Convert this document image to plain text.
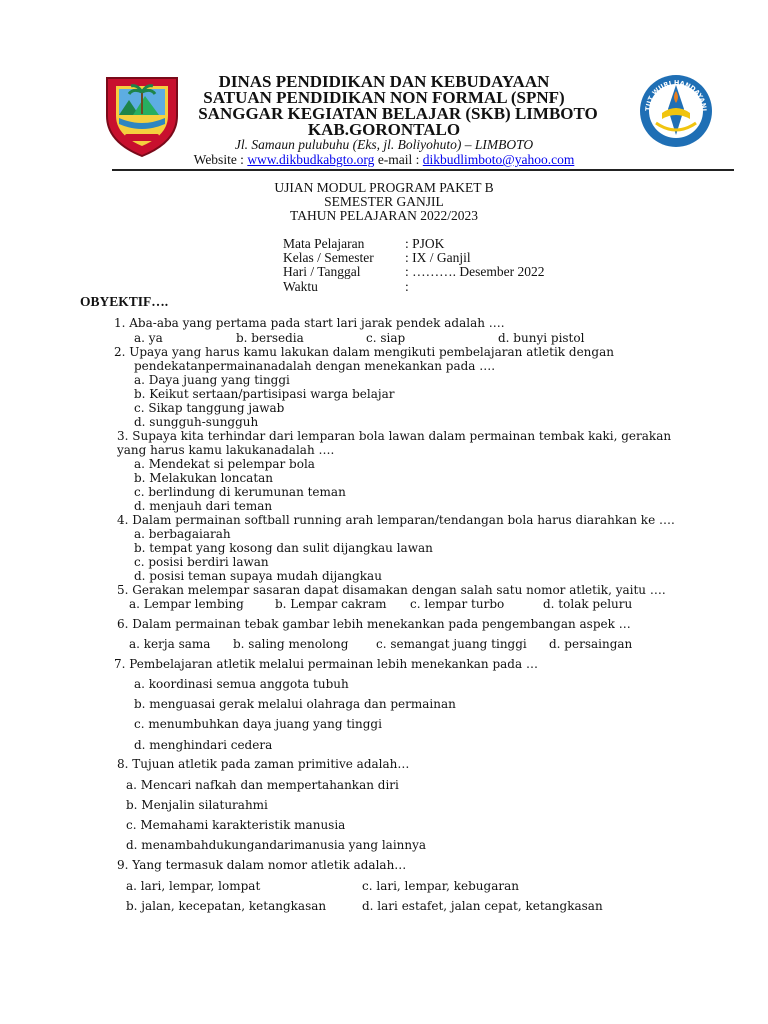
TUT WURI HANDAYANI
DINAS PENDIDIKAN DAN KEBUDAYAAN
SATUAN PENDIDIKAN NON FORMAL (SPNF)
SANGGAR KEGIATAN BELAJAR (SKB) LIMBOTO
KAB.GORONTALO
Jl. Samaun pulubuhu (Eks, jl. Boliyohuto) – LIMBOTO
Website : www.dikbudkabgto.org e-mail : dikbudlimboto@yahoo.com
UJIAN MODUL PROGRAM PAKET B
SEMESTER GANJIL
TAHUN PELAJARAN 2022/2023
Mata Pelajaran	: PJOK
Kelas / Semester : IX / Ganjil
Hari / Tanggal	: ………. Desember 2022
Waktu	:
OBYEKTIF….
1. Aba-aba yang pertama pada start lari jarak pendek adalah ….
a. ya	b. bersedia	c. siap	d. bunyi pistol
2. Upaya yang harus kamu lakukan dalam mengikuti pembelajaran atletik dengan
pendekatanpermainanadalah dengan menekankan pada ….
a. Daya juang yang tinggi
b. Keikut sertaan/partisipasi warga belajar
c. Sikap tanggung jawab
d. sungguh-sungguh
3. Supaya kita terhindar dari lemparan bola lawan dalam permainan tembak kaki, gerakan
yang harus kamu lakukanadalah ….
a. Mendekat si pelempar bola
b. Melakukan loncatan
c. berlindung di kerumunan teman
d. menjauh dari teman
4. Dalam permainan softball running arah lemparan/tendangan bola harus diarahkan ke ….
a. berbagaiarah
b. tempat yang kosong dan sulit dijangkau lawan
c. posisi berdiri lawan
d. posisi teman supaya mudah dijangkau
5. Gerakan melempar sasaran dapat disamakan dengan salah satu nomor atletik, yaitu ….
a. Lempar lembing	b. Lempar cakram c. lempar turbo	d. tolak peluru
6. Dalam permainan tebak gambar lebih menekankan pada pengembangan aspek …
a. kerja sama b. saling menolong c. semangat juang tinggi d. persaingan
7. Pembelajaran atletik melalui permainan lebih menekankan pada …
a. koordinasi semua anggota tubuh
b. menguasai gerak melalui olahraga dan permainan
c. menumbuhkan daya juang yang tinggi
d. menghindari cedera
8. Tujuan atletik pada zaman primitive adalah…
a. Mencari nafkah dan mempertahankan diri
b. Menjalin silaturahmi
c. Memahami karakteristik manusia
d. menambahdukungandarimanusia yang lainnya
9. Yang termasuk dalam nomor atletik adalah…
a. lari, lempar, lompat	c. lari, lempar, kebugaran
b. jalan, kecepatan, ketangkasan	d. lari estafet, jalan cepat, ketangkasan
